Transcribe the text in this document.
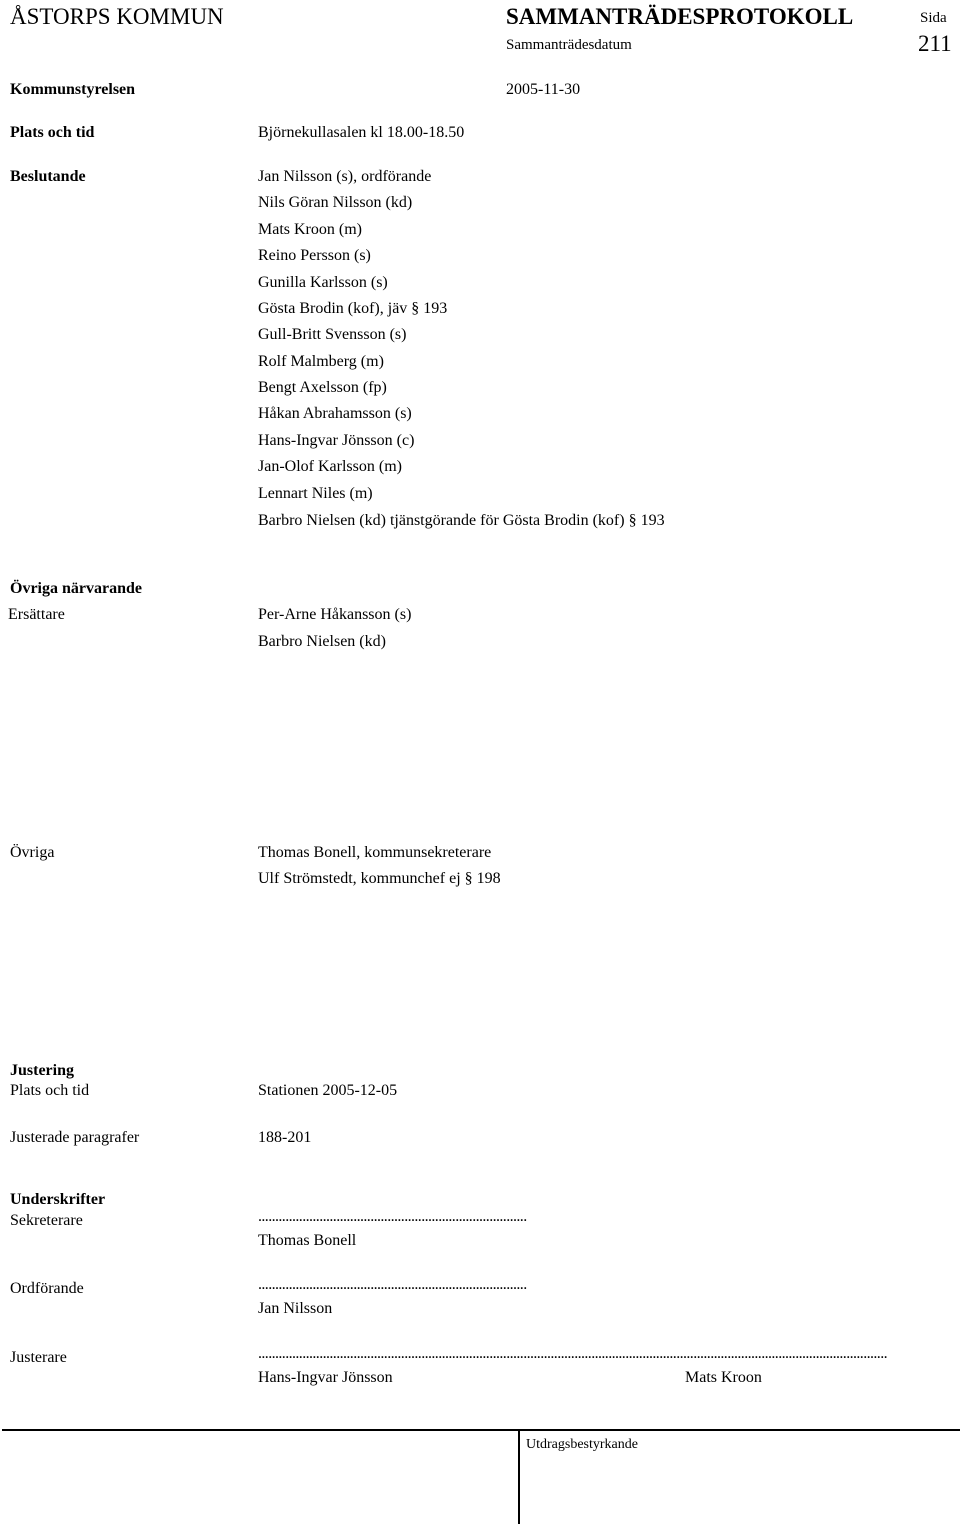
ÅSTORPS KOMMUN	SAMMANTRÄDESPROTOKOLL	Sida
Sammanträdesdatum	211
Kommunstyrelsen	2005-11-30
Plats och tid	Björnekullasalen kl 18.00-18.50
Beslutande	Jan Nilsson (s), ordförande
Nils Göran Nilsson (kd)
Mats Kroon (m)
Reino Persson (s)
Gunilla Karlsson (s)
Gösta Brodin (kof), jäv § 193
Gull-Britt Svensson (s)
Rolf Malmberg (m)
Bengt Axelsson (fp)
Håkan Abrahamsson (s)
Hans-Ingvar Jönsson (c)
Jan-Olof Karlsson (m)
Lennart Niles (m)
Barbro Nielsen (kd) tjänstgörande för Gösta Brodin (kof) § 193
Övriga närvarande
Ersättare	Per-Arne Håkansson (s)
Barbro Nielsen (kd)
Övriga	Thomas Bonell, kommunsekreterare
Ulf Strömstedt, kommunchef ej § 198
Justering
Plats och tid	Stationen 2005-12-05
Justerade paragrafer	188-201
Underskrifter
Sekreterare	...............................................................................
Thomas Bonell
Ordförande	...............................................................................
Jan Nilsson
Justerare	.........................................................................................................................................................................................
Hans-Ingvar Jönsson	Mats Kroon
Utdragsbestyrkande
